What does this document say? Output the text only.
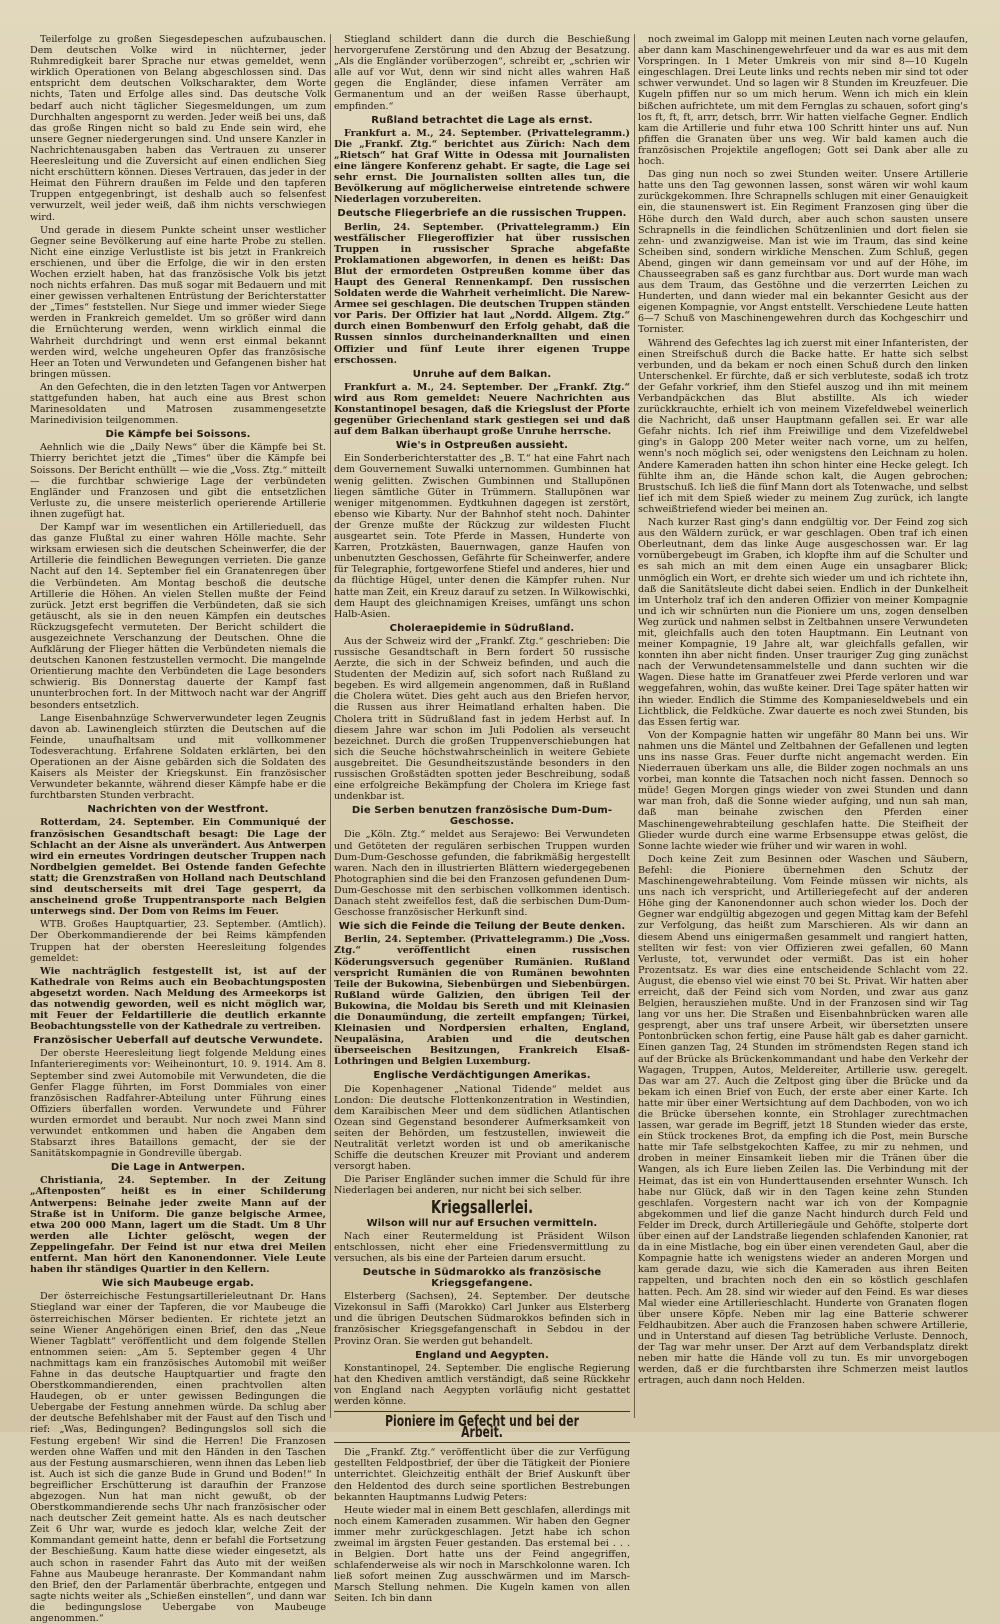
Teilerfolge zu großen Siegesdepeschen aufzubauschen. Dem deutschen Volke wird in nüchterner, jeder Ruhmredigkeit barer Sprache nur etwas gemeldet, wenn wirklich Operationen von Belang abgeschlossen sind. Das entspricht dem deutschen Volkscharakter, dem Worte nichts, Taten und Erfolge alles sind. Das deutsche Volk bedarf auch nicht täglicher Siegesmeldungen, um zum Durchhalten angespornt zu werden. Jeder weiß bei uns, daß das große Ringen nicht so bald zu Ende sein wird, ehe unsere Gegner niedergerungen sind. Und unsere Kanzler in Nachrichtenausgaben haben das Vertrauen zu unserer Heeresleitung und die Zuversicht auf einen endlichen Sieg nicht erschüttern können. Dieses Vertrauen, das jeder in der Heimat den Führern draußen im Felde und den tapferen Truppen entgegenbringt, ist deshalb auch so felsenfest verwurzelt, weil jeder weiß, daß ihm nichts verschwiegen wird.

Und gerade in diesem Punkte scheint unser westlicher Gegner seine Bevölkerung auf eine harte Probe zu stellen. Nicht eine einzige Verlustliste ist bis jetzt in Frankreich erschienen, und über die Erfolge, die wir in den ersten Wochen erzielt haben, hat das französische Volk bis jetzt noch nichts erfahren. Das muß sogar mit Bedauern und mit einer gewissen verhaltenen Entrüstung der Berichterstatter der „Times“ feststellen. Nur Siege und immer wieder Siege werden in Frankreich gemeldet. Um so größer wird dann die Ernüchterung werden, wenn wirklich einmal die Wahrheit durchdringt und wenn erst einmal bekannt werden wird, welche ungeheuren Opfer das französische Heer an Toten und Verwundeten und Gefangenen bisher hat bringen müssen.

An den Gefechten, die in den letzten Tagen vor Antwerpen stattgefunden haben, hat auch eine aus Brest schon Marinesoldaten und Matrosen zusammengesetzte Marinedivision teilgenommen.

Die Kämpfe bei Soissons.

Aehnlich wie die „Daily News“ über die Kämpfe bei St. Thierry berichtet jetzt die „Times“ über die Kämpfe bei Soissons. Der Bericht enthüllt — wie die „Voss. Ztg.“ mitteilt — die furchtbar schwierige Lage der verbündeten Engländer und Franzosen und gibt die entsetzlichen Verluste zu, die unsere meisterlich operierende Artillerie ihnen zugefügt hat.

Der Kampf war im wesentlichen ein Artillerieduell, das das ganze Flußtal zu einer wahren Hölle machte. Sehr wirksam erwiesen sich die deutschen Scheinwerfer, die der Artillerie die feindlichen Bewegungen verrieten. Die ganze Nacht auf den 14. September fiel ein Granatenregen über die Verbündeten. Am Montag beschoß die deutsche Artillerie die Höhen. An vielen Stellen mußte der Feind zurück. Jetzt erst begriffen die Verbündeten, daß sie sich getäuscht, als sie in den neuen Kämpfen ein deutsches Rückzugsgefecht vermuteten. Der Bericht schildert die ausgezeichnete Verschanzung der Deutschen. Ohne die Aufklärung der Flieger hätten die Verbündeten niemals die deutschen Kanonen festzustellen vermocht. Die mangelnde Orientierung machte den Verbündeten die Lage besonders schwierig. Bis Donnerstag dauerte der Kampf fast ununterbrochen fort. In der Mittwoch nacht war der Angriff besonders entsetzlich.

Lange Eisenbahnzüge Schwerverwundeter legen Zeugnis davon ab. Lawinengleich stürzten die Deutschen auf die Feinde, unaufhaltsam und mit vollkommener Todesverachtung. Erfahrene Soldaten erklärten, bei den Operationen an der Aisne gebärden sich die Soldaten des Kaisers als Meister der Kriegskunst. Ein französischer Verwundeter bekannte, während dieser Kämpfe habe er die furchtbarsten Stunden verbracht.

Nachrichten von der Westfront.

Rotterdam, 24. September. Ein Communiqué der französischen Gesandtschaft besagt: Die Lage der Schlacht an der Aisne als unverändert. Aus Antwerpen wird ein erneutes Vordringen deutscher Truppen nach Nordbelgien gemeldet. Bei Ostende fanden Gefechte statt; die Grenzstraßen von Holland nach Deutschland sind deutscherseits mit drei Tage gesperrt, da anscheinend große Truppentransporte nach Belgien unterwegs sind. Der Dom von Reims im Feuer.

WTB. Großes Hauptquartier, 23. September. (Amtlich). Der Oberkommandierende der bei Reims kämpfenden Truppen hat der obersten Heeresleitung folgendes gemeldet:

Wie nachträglich festgestellt ist, ist auf der Kathedrale von Reims auch ein Beobachtungsposten abgesetzt worden. Nach Meldung des Armeekorps ist das notwendig geworden, weil es nicht möglich war, mit Feuer der Feldartillerie die deutlich erkannte Beobachtungsstelle von der Kathedrale zu vertreiben.

Französischer Ueberfall auf deutsche Verwundete.

Der oberste Heeresleitung liegt folgende Meldung eines Infanterieregiments vor: Weiheinonturt, 10. 9. 1914. Am 8. September sind zwei Automobile mit Verwundeten, die die Genfer Flagge führten, im Forst Dommiales von einer französischen Radfahrer-Abteilung unter Führung eines Offiziers überfallen worden. Verwundete und Führer wurden ermordet und beraubt. Nur noch zwei Mann sind verwundet entkommen und haben die Angaben dem Stabsarzt ihres Bataillons gemacht, der sie der Sanitätskompagnie in Gondreville übergab.

Die Lage in Antwerpen.

Christiania, 24. September. In der Zeitung „Aftenposten“ heißt es in einer Schilderung Antwerpens: Beinahe jeder zweite Mann auf der Straße ist in Uniform. Die ganze belgische Armee, etwa 200 000 Mann, lagert um die Stadt. Um 8 Uhr werden alle Lichter gelöscht, wegen der Zeppelingefahr. Der Feind ist nur etwa drei Meilen entfernt. Man hört den Kanonendonner. Viele Leute haben ihr ständiges Quartier in den Kellern.

Wie sich Maubeuge ergab.

Der österreichische Festungsartillerieleutnant Dr. Hans Stiegland war einer der Tapferen, die vor Maubeuge die österreichischen Mörser bedienten. Er richtete jetzt an seine Wiener Angehörigen einen Brief, den das „Neue Wiener Tagblatt“ veröffentlicht und dem folgende Stellen entnommen seien: „Am 5. September gegen 4 Uhr nachmittags kam ein französisches Automobil mit weißer Fahne in das deutsche Hauptquartier und fragte den Oberstkommandierenden, einen prachtvollen alten Haudegen, ob er unter gewissen Bedingungen die Uebergabe der Festung annehmen würde. Da schlug aber der deutsche Befehlshaber mit der Faust auf den Tisch und rief: „Was, Bedingungen? Bedingungslos soll sich die Festung ergeben! Wir sind die Herren! Die Franzosen werden ohne Waffen und mit den Händen in den Taschen aus der Festung ausmarschieren, wenn ihnen das Leben lieb ist. Auch ist sich die ganze Bude in Grund und Boden!“ In begreiflicher Erschütterung ist daraufhin der Franzose abgezogen. Nun hat man nicht gewußt, ob der Oberstkommandierende sechs Uhr nach französischer oder nach deutscher Zeit gemeint hatte. Als es nach deutscher Zeit 6 Uhr war, wurde es jedoch klar, welche Zeit der Kommandant gemeint hatte, denn er befahl die Fortsetzung der Beschießung. Kaum hatte diese wieder eingesetzt, als auch schon in rasender Fahrt das Auto mit der weißen Fahne aus Maubeuge heranraste. Der Kommandant nahm den Brief, den der Parlamentär überbrachte, entgegen und sagte nichts weiter als „Schießen einstellen“, und dann war die bedingungslose Uebergabe von Maubeuge angenommen.“

Stiegland schildert dann die durch die Beschießung hervorgerufene Zerstörung und den Abzug der Besatzung. „Als die Engländer vorüberzogen“, schreibt er, „schrien wir alle auf vor Wut, denn wir sind nicht alles wahren Haß gegen die Engländer, diese infamen Verräter am Germanentum und an der weißen Rasse überhaupt, empfinden.“

Rußland betrachtet die Lage als ernst.

Frankfurt a. M., 24. September. (Privattelegramm.) Die „Frankf. Ztg.“ berichtet aus Zürich: Nach dem „Rietsch“ hat Graf Witte in Odessa mit Journalisten eine längere Konferenz gehabt. Er sagte, die Lage sei sehr ernst. Die Journalisten sollten alles tun, die Bevölkerung auf möglicherweise eintretende schwere Niederlagen vorzubereiten.

Deutsche Fliegerbriefe an die russischen Truppen.

Berlin, 24. September. (Privattelegramm.) Ein westfälischer Fliegeroffizier hat über russischen Truppen in russischer Sprache abgefaßte Proklamationen abgeworfen, in denen es heißt: Das Blut der ermordeten Ostpreußen komme über das Haupt des General Rennenkampf. Den russischen Soldaten werde die Wahrheit verheimlicht. Die Narew-Armee sei geschlagen. Die deutschen Truppen ständen vor Paris. Der Offizier hat laut „Nordd. Allgem. Ztg.“ durch einen Bombenwurf den Erfolg gehabt, daß die Russen sinnlos durcheinanderknallten und einen Offizier und fünf Leute ihrer eigenen Truppe erschossen.

Unruhe auf dem Balkan.

Frankfurt a. M., 24. September. Der „Frankf. Ztg.“ wird aus Rom gemeldet: Neuere Nachrichten aus Konstantinopel besagen, daß die Kriegslust der Pforte gegenüber Griechenland stark gestiegen sei und daß auf dem Balkan überhaupt große Unruhe herrsche.

Wie's in Ostpreußen aussieht.

Ein Sonderberichterstatter des „B. T.“ hat eine Fahrt nach dem Gouvernement Suwalki unternommen. Gumbinnen hat wenig gelitten. Zwischen Gumbinnen und Stallupönen liegen sämtliche Güter in Trümmern. Stallupönen war weniger mitgenommen. Eydtkuhnen dagegen ist zerstört, ebenso wie Kibarty. Nur der Bahnhof steht noch. Dahinter der Grenze mußte der Rückzug zur wildesten Flucht ausgeartet sein. Tote Pferde in Massen, Hunderte von Karren, Protzkästen, Bauernwagen, ganze Haufen von unbenutzten Geschossen, Gefährte für Scheinwerfer, andere für Telegraphie, fortgeworfene Stiefel und anderes, hier und da flüchtige Hügel, unter denen die Kämpfer ruhen. Nur hatte man Zeit, ein Kreuz darauf zu setzen. In Wilkowischki, dem Haupt des gleichnamigen Kreises, umfängt uns schon Halb-Asien.

Choleraepidemie in Südrußland.

Aus der Schweiz wird der „Frankf. Ztg.“ geschrieben: Die russische Gesandtschaft in Bern fordert 50 russische Aerzte, die sich in der Schweiz befinden, und auch die Studenten der Medizin auf, sich sofort nach Rußland zu begeben. Es wird allgemein angenommen, daß in Rußland die Cholera wütet. Dies geht auch aus den Briefen hervor, die Russen aus ihrer Heimatland erhalten haben. Die Cholera tritt in Südrußland fast in jedem Herbst auf. In diesem Jahre war schon im Juli Podolien als verseucht bezeichnet. Durch die großen Truppenverschiebungen hat sich die Seuche höchstwahrscheinlich in weitere Gebiete ausgebreitet. Die Gesundheitszustände besonders in den russischen Großstädten spotten jeder Beschreibung, sodaß eine erfolgreiche Bekämpfung der Cholera im Kriege fast undenkbar ist.

Die Serben benutzen französische Dum-Dum-Geschosse.

Die „Köln. Ztg.“ meldet aus Serajewo: Bei Verwundeten und Getöteten der regulären serbischen Truppen wurden Dum-Dum-Geschosse gefunden, die fabrikmäßig hergestellt waren. Nach den in illustrierten Blättern wiedergegebenen Photographien sind die bei den Franzosen gefundenen Dum-Dum-Geschosse mit den serbischen vollkommen identisch. Danach steht zweifellos fest, daß die serbischen Dum-Dum-Geschosse französischer Herkunft sind.

Wie sich die Feinde die Teilung der Beute denken.

Berlin, 24. September. (Privattelegramm.) Die „Voss. Ztg.“ veröffentlicht einen russischen Köderungsversuch gegenüber Rumänien. Rußland verspricht Rumänien die von Rumänen bewohnten Teile der Bukowina, Siebenbürgen und Siebenbürgen. Rußland würde Galizien, den übrigen Teil der Bukowina, die Moldau bis Sereth und mit Kleinasien die Donaumündung, die zerteilt empfangen; Türkei, Kleinasien und Nordpersien erhalten, England, Neupaläsina, Arabien und die deutschen überseeischen Besitzungen, Frankreich Elsaß-Lothringen und Belgien Luxemburg.

Englische Verdächtigungen Amerikas.

Die Kopenhagener „National Tidende“ meldet aus London: Die deutsche Flottenkonzentration in Westindien, dem Karaibischen Meer und dem südlichen Atlantischen Ozean sind Gegenstand besonderer Aufmerksamkeit von seiten der Behörden, um festzustellen, inwieweit die Neutralität verletzt worden ist und ob amerikanische Schiffe die deutschen Kreuzer mit Proviant und anderem versorgt haben.

Die Pariser Engländer suchen immer die Schuld für ihre Niederlagen bei anderen, nur nicht bei sich selber.

Kriegsallerlei.
Wilson will nur auf Ersuchen vermitteln.

Nach einer Reutermeldung ist Präsident Wilson entschlossen, nicht eher eine Friedensvermittlung zu versuchen, als bis eine der Parteien darum ersucht.

Deutsche in Südmarokko als französische Kriegsgefangene.

Elsterberg (Sachsen), 24. September. Der deutsche Vizekonsul in Saffi (Marokko) Carl Junker aus Elsterberg und die übrigen Deutschen Südmarokkos befinden sich in französischer Kriegsgefangenschaft in Sebdou in der Provinz Oran. Sie werden gut behandelt.

England und Aegypten.

Konstantinopel, 24. September. Die englische Regierung hat den Khediven amtlich verständigt, daß seine Rückkehr von England nach Aegypten vorläufig nicht gestattet werden könne.

Pioniere im Gefecht und bei der Arbeit.

Die „Frankf. Ztg.“ veröffentlicht über die zur Verfügung gestellten Feldpostbrief, der über die Tätigkeit der Pioniere unterrichtet. Gleichzeitig enthält der Brief Auskunft über den Heldentod des durch seine sportlichen Bestrebungen bekannten Hauptmanns Ludwig Peters:

Heute wieder mal in einem Bett geschlafen, allerdings mit noch einem Kameraden zusammen. Wir haben den Gegner immer mehr zurückgeschlagen. Jetzt habe ich schon zweimal im ärgsten Feuer gestanden. Das erstemal bei . . . in Belgien. Dort hatte uns der Feind angegriffen, schlafenderweise als wir noch in Marschkolonne waren. Ich ließ sofort meinen Zug ausschwärmen und im Marsch-Marsch Stellung nehmen. Die Kugeln kamen von allen Seiten. Ich bin dann

noch zweimal im Galopp mit meinen Leuten nach vorne gelaufen, aber dann kam Maschinengewehrfeuer und da war es aus mit dem Vorspringen. In 1 Meter Umkreis von mir sind 8—10 Kugeln eingeschlagen. Drei Leute links und rechts neben mir sind tot oder schwer verwundet. Und so lagen wir 8 Stunden im Kreuzfeuer. Die Kugeln pfiffen nur so um mich herum. Wenn ich mich ein klein bißchen aufrichtete, um mit dem Fernglas zu schauen, sofort ging's los ft, ft, ft, arrr, detsch, brrr. Wir hatten vielfache Gegner. Endlich kam die Artillerie und fuhr etwa 100 Schritt hinter uns auf. Nun pfiffen die Granaten über uns weg. Wir bald kamen auch die französischen Projektile angeflogen; Gott sei Dank aber alle zu hoch.

Das ging nun noch so zwei Stunden weiter. Unsere Artillerie hatte uns den Tag gewonnen lassen, sonst wären wir wohl kaum zurückgekommen. Ihre Schrapnells schlugen mit einer Genauigkeit ein, die staunenswert ist. Ein Regiment Franzosen ging über die Höhe durch den Wald durch, aber auch schon sausten unsere Schrapnells in die feindlichen Schützenlinien und dort fielen sie zehn- und zwanzigweise. Man ist wie im Traum, das sind keine Scheiben sind, sondern wirkliche Menschen. Zum Schluß, gegen Abend, gingen wir dann gemeinsam vor und auf der Höhe, im Chausseegraben saß es ganz furchtbar aus. Dort wurde man wach aus dem Traum, das Gestöhne und die verzerrten Leichen zu Hunderten, und dann wieder mal ein bekannter Gesicht aus der eigenen Kompagnie, vor Angst entstellt. Verschiedene Leute hatten 6—7 Schuß von Maschinengewehren durch das Kochgeschirr und Tornister.

Während des Gefechtes lag ich zuerst mit einer Infanteristen, der einen Streifschuß durch die Backe hatte. Er hatte sich selbst verbunden, und da bekam er noch einen Schuß durch den linken Unterschenkel. Er fürchte, daß er sich verbluteste, sodaß ich trotz der Gefahr vorkrief, ihm den Stiefel auszog und ihn mit meinem Verbandpäckchen das Blut abstillte. Als ich wieder zurückkrauchte, erhielt ich von meinem Vizefeldwebel weinerlich die Nachricht, daß unser Hauptmann gefallen sei. Er war alle Gefahr nichts. Ich rief ihm Freiwillige und dem Vizefeldwebel ging's in Galopp 200 Meter weiter nach vorne, um zu helfen, wenn's noch möglich sei, oder wenigstens den Leichnam zu holen. Andere Kameraden hatten ihn schon hinter eine Hecke gelegt. Ich fühlte ihm an, die Hände schon kalt, die Augen gebrochen; Brustschuß. Ich ließ die fünf Mann dort als Totenwache, und selbst lief ich mit dem Spieß wieder zu meinem Zug zurück, ich langte schweißtriefend wieder bei meinen an.

Nach kurzer Rast ging's dann endgültig vor. Der Feind zog sich aus den Wäldern zurück, er war geschlagen. Oben traf ich einen Oberleutnant, dem das linke Auge ausgeschossen war. Er lag vornübergebeugt im Graben, ich klopfte ihm auf die Schulter und es sah mich an mit dem einen Auge ein unsagbarer Blick; unmöglich ein Wort, er drehte sich wieder um und ich richtete ihn, daß die Sanitätsleute dicht dabei seien. Endlich in der Dunkelheit im Unterholz traf ich den anderen Offizier von meiner Kompagnie und ich wir schnürten nun die Pioniere um uns, zogen denselben Weg zurück und nahmen selbst in Zeltbahnen unsere Verwundeten mit, gleichfalls auch den toten Hauptmann. Ein Leutnant von meiner Kompagnie, 19 Jahre alt, war gleichfalls gefallen, wir konnten ihn aber nicht finden. Unser trauriger Zug ging zunächst nach der Verwundetensammelstelle und dann suchten wir die Wagen. Diese hatte im Granatfeuer zwei Pferde verloren und war weggefahren, wohin, das wußte keiner. Drei Tage später hatten wir ihn wieder. Endlich die Stimme des Kompanieseldwebels und ein Lichtblick, die Feldküche. Zwar dauerte es noch zwei Stunden, bis das Essen fertig war.

Von der Kompagnie hatten wir ungefähr 80 Mann bei uns. Wir nahmen uns die Mäntel und Zeltbahnen der Gefallenen und legten uns ins nasse Gras. Feuer durfte nicht angemacht werden. Ein Niederrauen überkam uns alle, die Bilder zogen nochmals an uns vorbei, man konnte die Tatsachen noch nicht fassen. Dennoch so müde! Gegen Morgen gings wieder von zwei Stunden und dann war man froh, daß die Sonne wieder aufging, und nun sah man, daß man beinahe zwischen den Pferden einer Maschinengewehrabteilung geschlafen hatte. Die Steifheit der Glieder wurde durch eine warme Erbsensuppe etwas gelöst, die Sonne lachte wieder wie früher und wir waren in wohl.

Doch keine Zeit zum Besinnen oder Waschen und Säubern, Befehl: die Pioniere übernehmen den Schutz der Maschinengewehrabteilung. Vom Feinde müssen wir nichts, als uns nach ich verspricht, und Artilleriegefecht auf der anderen Höhe ging der Kanonendonner auch schon wieder los. Doch der Gegner war endgültig abgezogen und gegen Mittag kam der Befehl zur Verfolgung, das heißt zum Marschieren. Als wir dann an diesem Abend uns einigermaßen gesammelt und rangiert hatten, stellten wir fest: von vier Offizieren zwei gefallen, 60 Mann Verluste, tot, verwundet oder vermißt. Das ist ein hoher Prozentsatz. Es war dies eine entscheidende Schlacht vom 22. August, die ebenso viel wie einst 70 bei St. Privat. Wir hatten aber erreicht, daß der Feind sich vom Norden, und zwar aus ganz Belgien, herausziehen mußte. Und in der Franzosen sind wir Tag lang vor uns her. Die Straßen und Eisenbahnbrücken waren alle gesprengt, aber uns traf unsere Arbeit, wir übersetzten unsere Pontonbrücken schon fertig, eine Pause hält gab es daher garnicht. Einen ganzen Tag, 24 Stunden im strömendsten Regen stand ich auf der Brücke als Brückenkommandant und habe den Verkehr der Wagagen, Truppen, Autos, Meldereiter, Artillerie usw. geregelt. Das war am 27. Auch die Zeltpost ging über die Brücke und da bekam ich einen Brief von Euch, der erste aber einer Karte. Ich hatte mir über einer Wertsichtung auf dem Dachboden, von wo ich die Brücke übersehen konnte, ein Strohlager zurechtmachen lassen, war gerade im Begriff, jetzt 18 Stunden wieder das erste, ein Stück trockenes Brot, da empfing ich die Post, mein Bursche hatte mir Tafe selbstgekochten Kaffee, zu mir zu nehmen, und droben in meiner Einsamkeit lieben mir die Tränen über die Wangen, als ich Eure lieben Zeilen las. Die Verbindung mit der Heimat, das ist ein von Hunderttausenden ersehnter Wunsch. Ich habe nur Glück, daß wir in den Tagen keine zehn Stunden geschlafen. Vorgestern nacht war ich von der Kompagnie abgekommen und lief die ganze Nacht hindurch durch Feld und Felder im Dreck, durch Artilleriegäule und Gehöfte, stolperte dort über einen auf der Landstraße liegenden schlafenden Kanonier, rat da in eine Mistlache, bog ein über einen verendeten Gaul, aber die Kompagnie hatte ich wenigstens wieder an anderen Morgen und kam gerade dazu, wie sich die Kameraden aus ihren Beiten rappelten, und brachten noch den ein so köstlich geschlafen hatten. Pech. Am 28. sind wir wieder auf den Feind. Es war dieses Mal wieder eine Artillerieschlacht. Hunderte von Granaten flogen über unsere Köpfe. Neben mir lag eine Batterie schwerer Feldhaubitzen. Aber auch die Franzosen haben schwere Artillerie, und in Unterstand auf diesen Tag betrübliche Verluste. Dennoch, der Tag war mehr unser. Der Arzt auf dem Verbandsplatz direkt neben mir hatte die Hände voll zu tun. Es mir unvorgebogen werden, daß er die furchtbarsten ihre Schmerzen meist lautlos ertragen, auch dann noch Helden.
